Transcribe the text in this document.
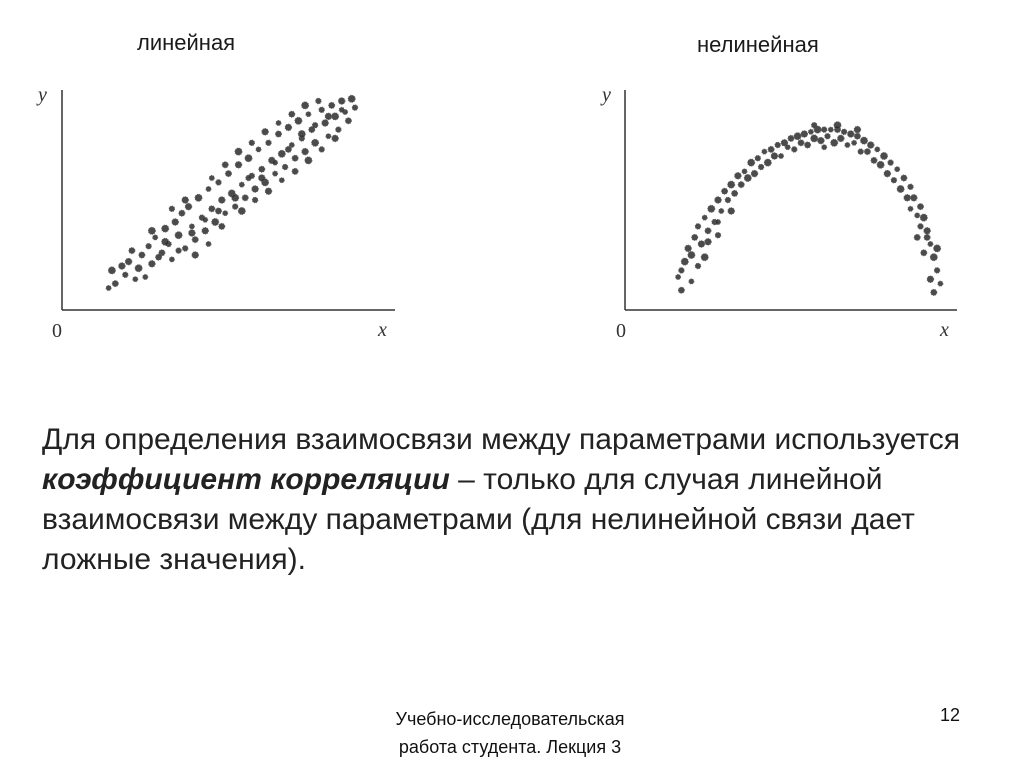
линейная	нелинейная
y
x
0
y
x
0
Для определения взаимосвязи между параметрами используется коэффициент корреляции – только для случая линейной взаимосвязи между параметрами (для нелинейной связи дает ложные значения).
Учебно-исследовательская
работа студента. Лекция 3
12
